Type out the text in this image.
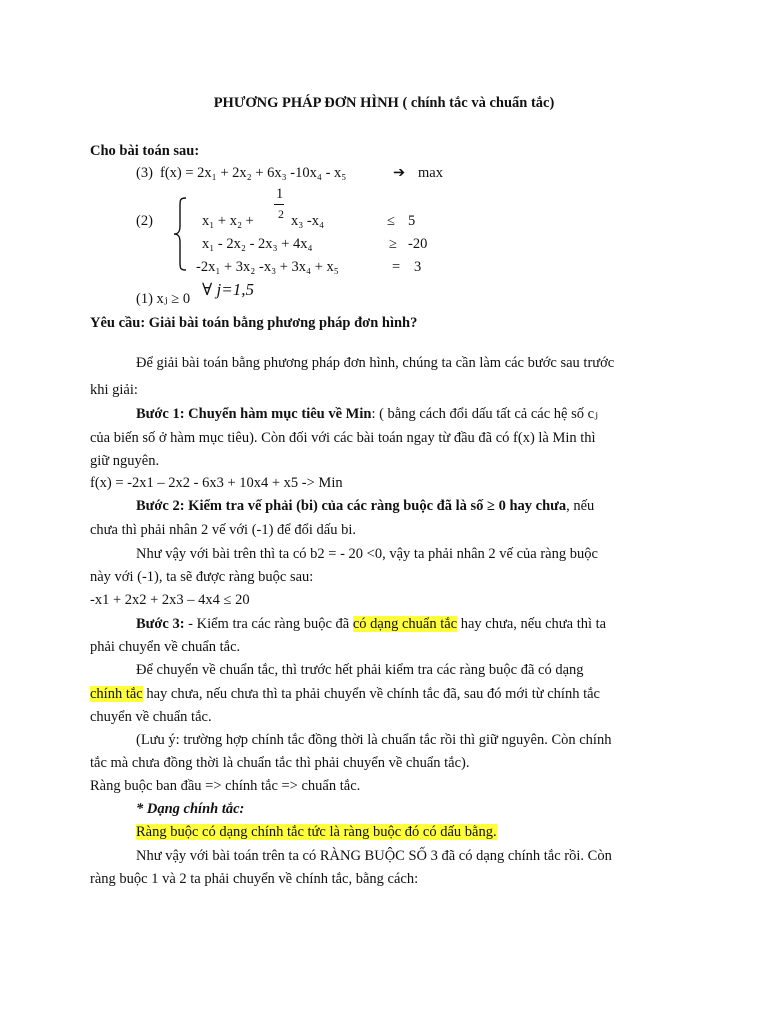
PHƯƠNG PHÁP ĐƠN HÌNH ( chính tắc và chuẩn tắc)
Cho bài toán sau:
(3) f(x) = 2x₁ + 2x₂ + 6x₃ -10x₄ - x₅	➔ max
(2)
1
2
x₁ + x₂ +	x₃ -x₄	≤ 5
x₁ - 2x₂ - 2x₃ + 4x₄	≥ -20
-2x₁ + 3x₂ -x₃ + 3x₄ + x₅	= 3
(1) xⱼ ≥ 0 ∀ j=1,5
Yêu cầu: Giải bài toán bằng phương pháp đơn hình?
Để giải bài toán bằng phương pháp đơn hình, chúng ta cần làm các bước sau trước
khi giải:
Bước 1: Chuyển hàm mục tiêu về Min: ( bằng cách đổi dấu tất cả các hệ số cⱼ
của biến số ở hàm mục tiêu). Còn đối với các bài toán ngay từ đầu đã có f(x) là Min thì
giữ nguyên.
f(x) = -2x1 – 2x2 - 6x3 + 10x4 + x5 -> Min
Bước 2: Kiểm tra vế phải (bi) của các ràng buộc đã là số ≥ 0 hay chưa, nếu
chưa thì phải nhân 2 vế với (-1) để đổi dấu bi.
Như vậy với bài trên thì ta có b2 = - 20 <0, vậy ta phải nhân 2 vế của ràng buộc
này với (-1), ta sẽ được ràng buộc sau:
-x1 + 2x2 + 2x3 – 4x4 ≤ 20
Bước 3: - Kiểm tra các ràng buộc đã có dạng chuẩn tắc hay chưa, nếu chưa thì ta
phải chuyển về chuẩn tắc.
Để chuyển về chuẩn tắc, thì trước hết phải kiểm tra các ràng buộc đã có dạng
chính tắc hay chưa, nếu chưa thì ta phải chuyển về chính tắc đã, sau đó mới từ chính tắc
chuyển về chuẩn tắc.
(Lưu ý: trường hợp chính tắc đồng thời là chuẩn tắc rồi thì giữ nguyên. Còn chính
tắc mà chưa đồng thời là chuẩn tắc thì phải chuyển về chuẩn tắc).
Ràng buộc ban đầu => chính tắc => chuẩn tắc.
* Dạng chính tắc:
Ràng buộc có dạng chính tắc tức là ràng buộc đó có dấu bằng.
Như vậy với bài toán trên ta có RÀNG BUỘC SỐ 3 đã có dạng chính tắc rồi. Còn
ràng buộc 1 và 2 ta phải chuyển về chính tắc, bằng cách:
